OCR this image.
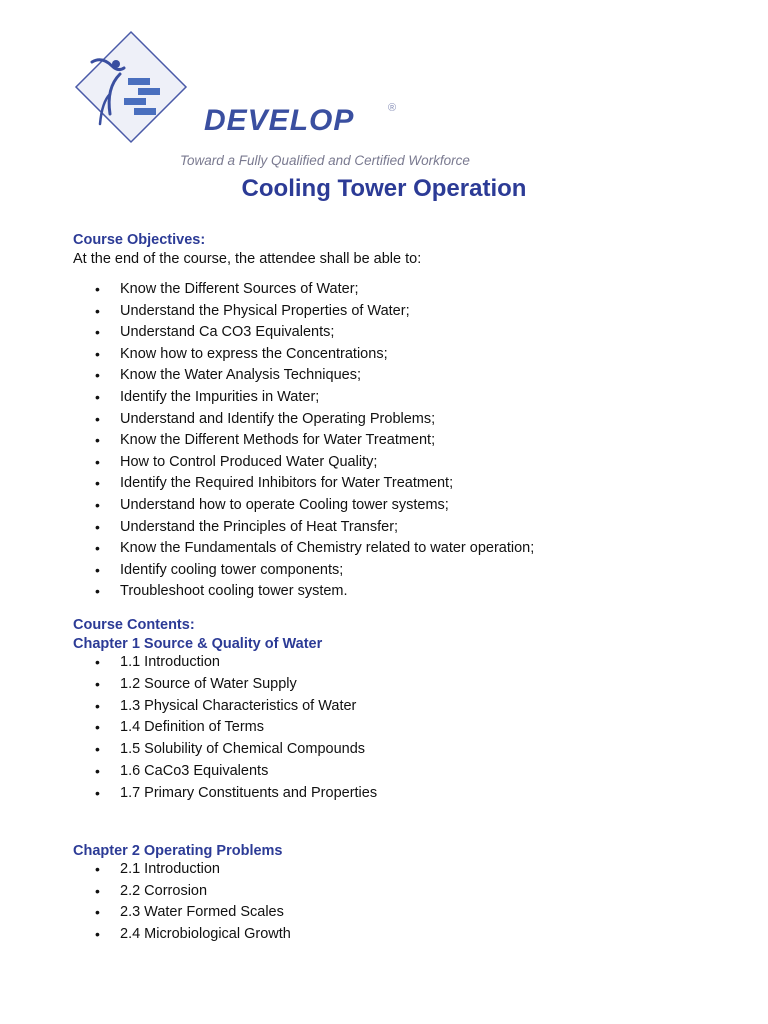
DEVELOP	®
Toward a Fully Qualified and Certified Workforce
Cooling Tower Operation
Course Objectives:
At the end of the course, the attendee shall be able to:
• Know the Different Sources of Water;
• Understand the Physical Properties of Water;
• Understand Ca CO3 Equivalents;
• Know how to express the Concentrations;
• Know the Water Analysis Techniques;
• Identify the Impurities in Water;
• Understand and Identify the Operating Problems;
• Know the Different Methods for Water Treatment;
• How to Control Produced Water Quality;
• Identify the Required Inhibitors for Water Treatment;
• Understand how to operate Cooling tower systems;
• Understand the Principles of Heat Transfer;
• Know the Fundamentals of Chemistry related to water operation;
• Identify cooling tower components;
• Troubleshoot cooling tower system.
Course Contents:
Chapter 1 Source & Quality of Water
• 1.1 Introduction
• 1.2 Source of Water Supply
• 1.3 Physical Characteristics of Water
• 1.4 Definition of Terms
• 1.5 Solubility of Chemical Compounds
• 1.6 CaCo3 Equivalents
• 1.7 Primary Constituents and Properties
Chapter 2 Operating Problems
• 2.1 Introduction
• 2.2 Corrosion
• 2.3 Water Formed Scales
• 2.4 Microbiological Growth
